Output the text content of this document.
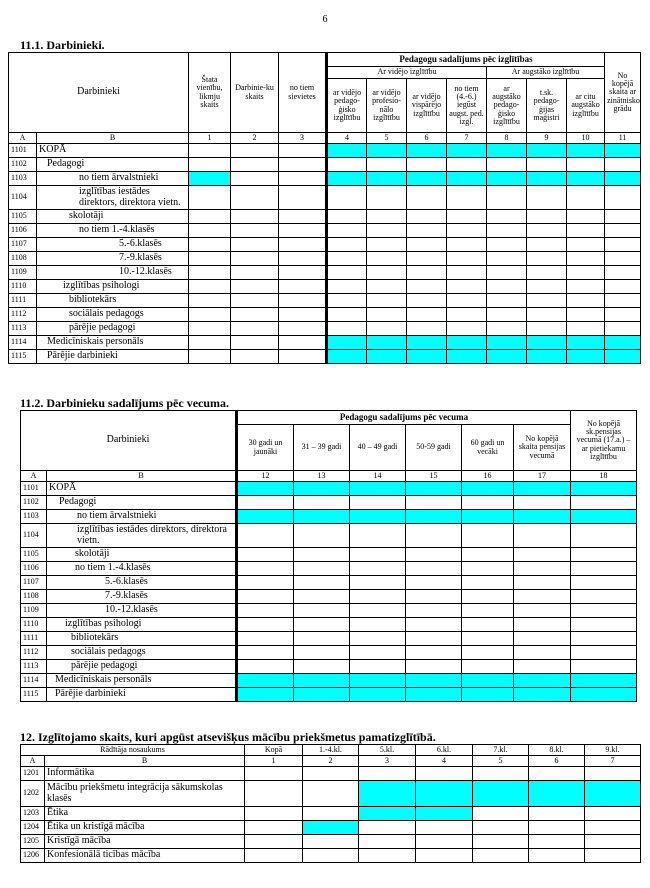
6
11.1. Darbinieki.
Darbinieki		Štata vienību, likmju skaits	Darbinie-ku skaits	no tiem sievietes	Pedagogu sadalījums pēc izglītības							No kopējā skaita ar zinātnisko grādu
					Ar vidējo izglītību				Ar augstāko izglītību			
					ar vidējo pedago-ģisko izglītību	ar vidējo profesio-nālo izglītību	ar vidējo vispārējo izglītību	no tiem (4.-6.) iegūst augst. ped. izgl.	ar augstāko pedago-ģisko izglītību	t.sk. pedago-ģijas maģistri	ar citu augstāko izglītību	
A	B	1	2	3	4	5	6	7	8	9	10	11
1101	KOPĀ											
1102	Pedagogi											
1103	no tiem ārvalstnieki											
1104	izglītības iestādes direktors, direktora vietn.											
1105	skolotāji											
1106	no tiem 1.-4.klasēs											
1107	5.-6.klasēs											
1108	7.-9.klasēs											
1109	10.-12.klasēs											
1110	izglītības psihologi											
1111	bibliotekārs											
1112	sociālais pedagogs											
1113	pārējie pedagogi											
1114	Medicīniskais personāls											
1115	Pārējie darbinieki											
11.2. Darbinieku sadalījums pēc vecuma.
Darbinieki		Pedagogu sadalījums pēc vecuma						No kopējā sk.pensijas vecumā (17.a.) – ar pietiekamu izglītību
		30 gadi un jaunāki	31 – 39 gadi	40 – 49 gadi	50-59 gadi	60 gadi un vecāki	No kopējā skaita pensijas vecumā	
A	B	12	13	14	15	16	17	18
1101	KOPĀ							
1102	Pedagogi							
1103	no tiem ārvalstnieki							
1104	izglītības iestādes direktors, direktora vietn.							
1105	skolotāji							
1106	no tiem 1.-4.klasēs							
1107	5.-6.klasēs							
1108	7.-9.klasēs							
1109	10.-12.klasēs							
1110	izglītības psihologi							
1111	bibliotekārs							
1112	sociālais pedagogs							
1113	pārējie pedagogi							
1114	Medicīniskais personāls							
1115	Pārējie darbinieki							
12. Izglītojamo skaits, kuri apgūst atsevišķus mācību priekšmetus pamatizglītībā.
Rādītāja nosaukums		Kopā	1.-4.kl.	5.kl.	6.kl.	7.kl.	8.kl.	9.kl.
A	B	1	2	3	4	5	6	7
1201	Informātika							
1202	Mācību priekšmetu integrācija sākumskolas klasēs							
1203	Ētika							
1204	Ētika un kristīgā mācība							
1205	Kristīgā mācība							
1206	Konfesionālā ticības mācība							
